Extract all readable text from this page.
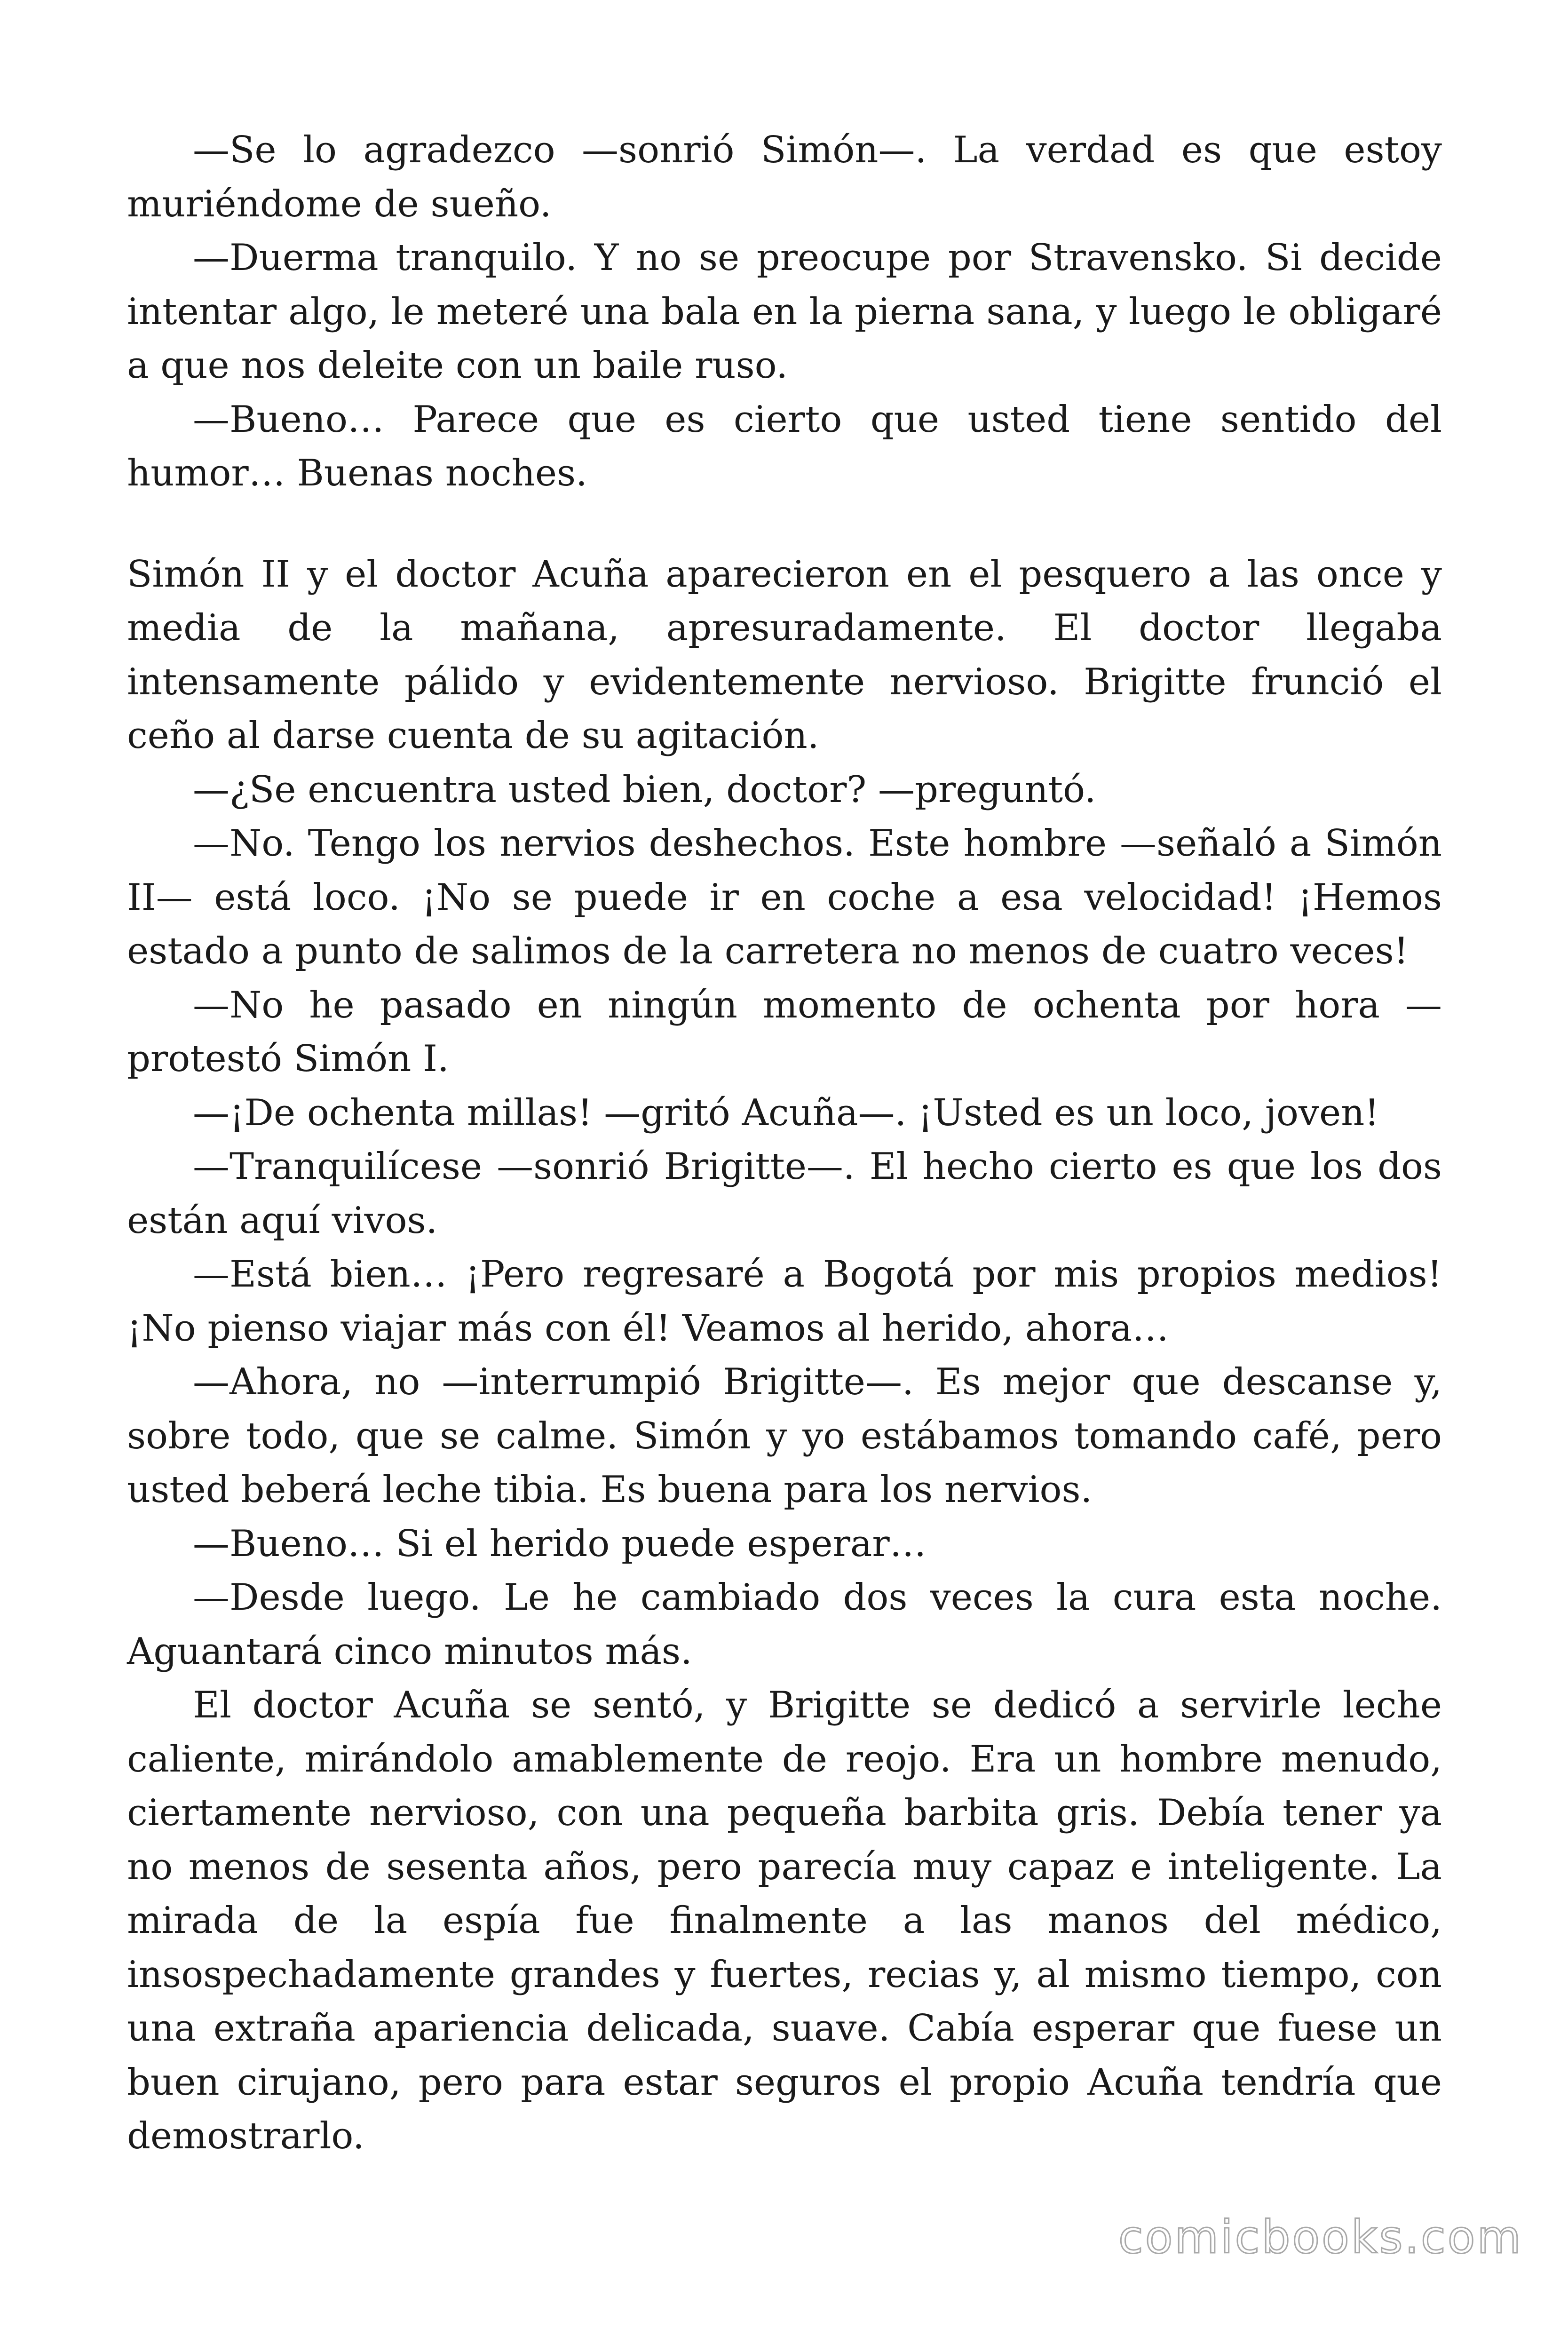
—Se lo agradezco —sonrió Simón—. La verdad es que estoy muriéndome de sueño.

—Duerma tranquilo. Y no se preocupe por Stravensko. Si decide intentar algo, le meteré una bala en la pierna sana, y luego le obligaré a que nos deleite con un baile ruso.

—Bueno… Parece que es cierto que usted tiene sentido del humor… Buenas noches.

Simón II y el doctor Acuña aparecieron en el pesquero a las once y media de la mañana, apresuradamente. El doctor llegaba intensamente pálido y evidentemente nervioso. Brigitte frunció el ceño al darse cuenta de su agitación.

—¿Se encuentra usted bien, doctor? —preguntó.

—No. Tengo los nervios deshechos. Este hombre —señaló a Simón II— está loco. ¡No se puede ir en coche a esa velocidad! ¡Hemos estado a punto de salimos de la carretera no menos de cuatro veces!

—No he pasado en ningún momento de ochenta por hora —protestó Simón I.

—¡De ochenta millas! —gritó Acuña—. ¡Usted es un loco, joven!

—Tranquilícese —sonrió Brigitte—. El hecho cierto es que los dos están aquí vivos.

—Está bien… ¡Pero regresaré a Bogotá por mis propios medios! ¡No pienso viajar más con él! Veamos al herido, ahora…

—Ahora, no —interrumpió Brigitte—. Es mejor que descanse y, sobre todo, que se calme. Simón y yo estábamos tomando café, pero usted beberá leche tibia. Es buena para los nervios.

—Bueno… Si el herido puede esperar…

—Desde luego. Le he cambiado dos veces la cura esta noche. Aguantará cinco minutos más.

El doctor Acuña se sentó, y Brigitte se dedicó a servirle leche caliente, mirándolo amablemente de reojo. Era un hombre menudo, ciertamente nervioso, con una pequeña barbita gris. Debía tener ya no menos de sesenta años, pero parecía muy capaz e inteligente. La mirada de la espía fue finalmente a las manos del médico, insospechadamente grandes y fuertes, recias y, al mismo tiempo, con una extraña apariencia delicada, suave. Cabía esperar que fuese un buen cirujano, pero para estar seguros el propio Acuña tendría que demostrarlo.

comicbooks.com
